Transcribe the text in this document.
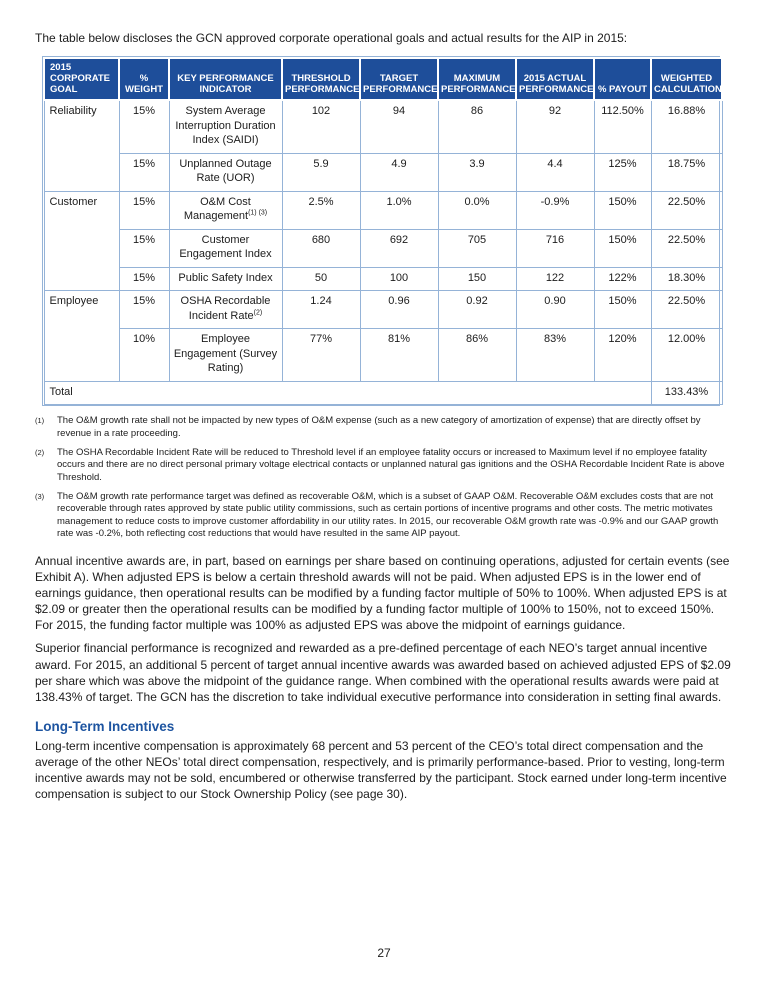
The table below discloses the GCN approved corporate operational goals and actual results for the AIP in 2015:

2015 CORPORATE GOAL	% WEIGHT	KEY PERFORMANCE INDICATOR	THRESHOLD PERFORMANCE	TARGET PERFORMANCE	MAXIMUM PERFORMANCE	2015 ACTUAL PERFORMANCE	% PAYOUT	WEIGHTED CALCULATION
Reliability	15%	System Average Interruption Duration Index (SAIDI)	102	94	86	92	112.50%	16.88%
	15%	Unplanned Outage Rate (UOR)	5.9	4.9	3.9	4.4	125%	18.75%
Customer	15%	O&M Cost Management$^{(1) (3)}$	2.5%	1.0%	0.0%	-0.9%	150%	22.50%
	15%	Customer Engagement Index	680	692	705	716	150%	22.50%
	15%	Public Safety Index	50	100	150	122	122%	18.30%
Employee	15%	OSHA Recordable Incident Rate$^{(2)}$	1.24	0.96	0.92	0.90	150%	22.50%
	10%	Employee Engagement (Survey Rating)	77%	81%	86%	83%	120%	12.00%
Total								133.43%
(1)	The O&M growth rate shall not be impacted by new types of O&M expense (such as a new category of amortization of expense) that are directly offset by revenue in a rate proceeding.
(2)	The OSHA Recordable Incident Rate will be reduced to Threshold level if an employee fatality occurs or increased to Maximum level if no employee fatality occurs and there are no direct personal primary voltage electrical contacts or unplanned natural gas ignitions and the OSHA Recordable Incident Rate is above Threshold.
(3)	The O&M growth rate performance target was defined as recoverable O&M, which is a subset of GAAP O&M. Recoverable O&M excludes costs that are not recoverable through rates approved by state public utility commissions, such as certain portions of incentive programs and other costs. The metric motivates management to reduce costs to improve customer affordability in our utility rates. In 2015, our recoverable O&M growth rate was -0.9% and our GAAP growth rate was -0.2%, both reflecting cost reductions that would have resulted in the same AIP payout.

Annual incentive awards are, in part, based on earnings per share based on continuing operations, adjusted for certain events (see Exhibit A). When adjusted EPS is below a certain threshold awards will not be paid. When adjusted EPS is in the lower end of earnings guidance, then operational results can be modified by a funding factor multiple of 50% to 100%. When adjusted EPS is at $2.09 or greater then the operational results can be modified by a funding factor multiple of 100% to 150%, not to exceed 150%. For 2015, the funding factor multiple was 100% as adjusted EPS was above the midpoint of earnings guidance.

Superior financial performance is recognized and rewarded as a pre-defined percentage of each NEO’s target annual incentive award. For 2015, an additional 5 percent of target annual incentive awards was awarded based on achieved adjusted EPS of $2.09 per share which was above the midpoint of the guidance range. When combined with the operational results awards were paid at 138.43% of target. The GCN has the discretion to take individual executive performance into consideration in setting final awards.

Long-Term Incentives

Long-term incentive compensation is approximately 68 percent and 53 percent of the CEO’s total direct compensation and the average of the other NEOs’ total direct compensation, respectively, and is primarily performance-based. Prior to vesting, long-term incentive awards may not be sold, encumbered or otherwise transferred by the participant. Stock earned under long-term incentive compensation is subject to our Stock Ownership Policy (see page 30).

27
